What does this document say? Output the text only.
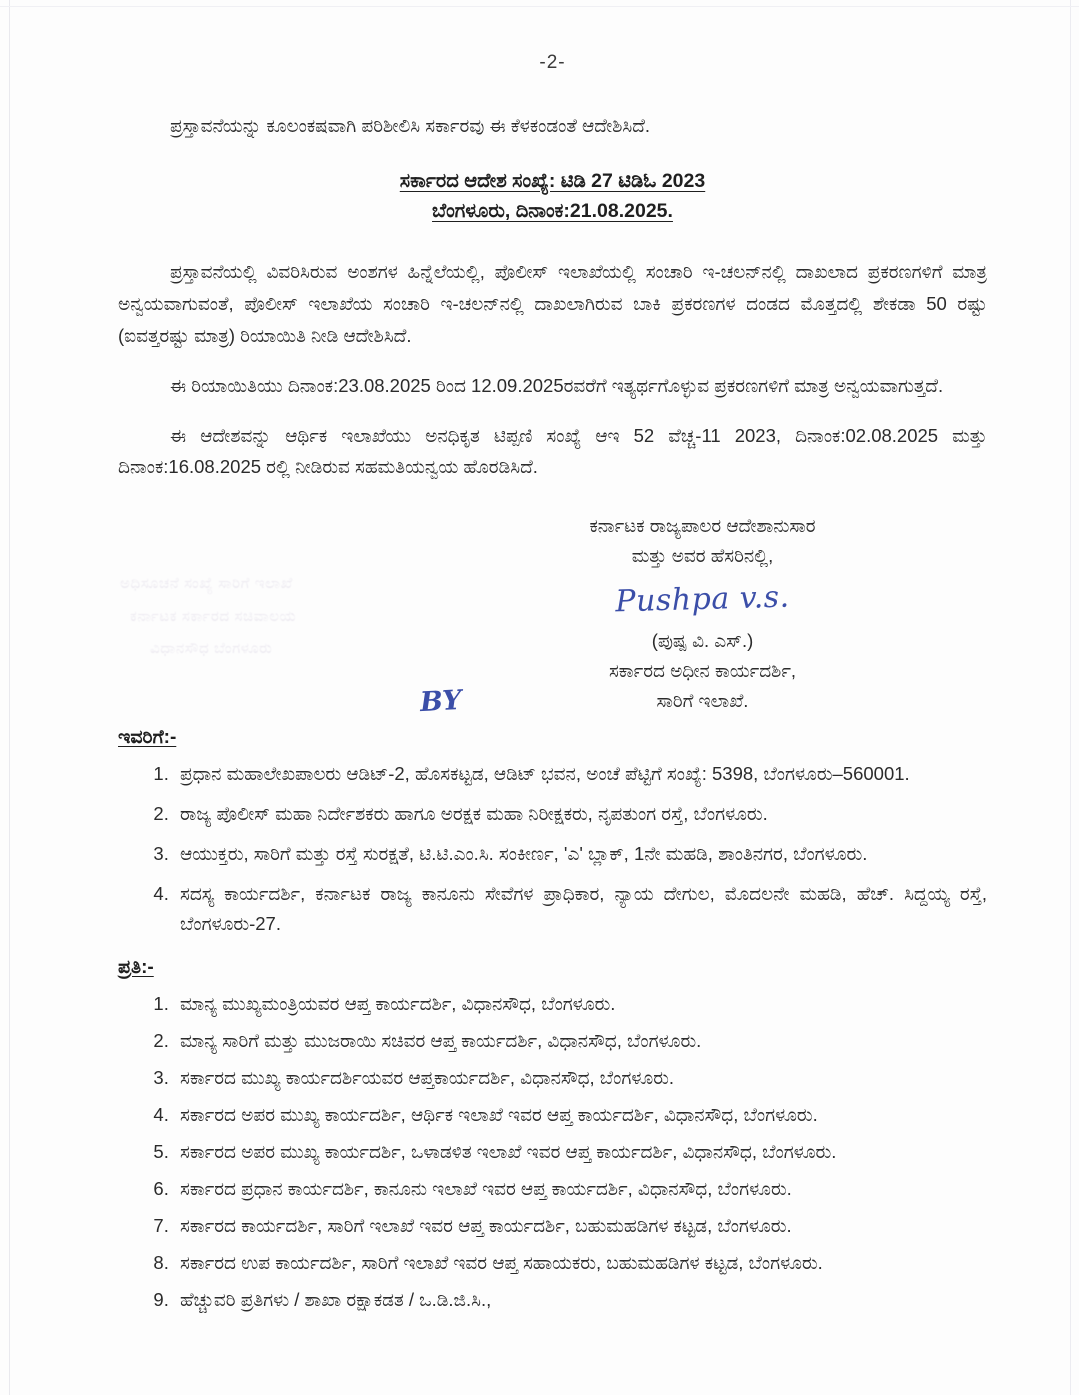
ಅಧಿಸೂಚನೆ ಸಂಖ್ಯೆ ಸಾರಿಗೆ ಇಲಾಖೆ
ಕರ್ನಾಟಕ ಸರ್ಕಾರದ ಸಚಿವಾಲಯ
ವಿಧಾನಸೌಧ ಬೆಂಗಳೂರು
-2-

ಪ್ರಸ್ತಾವನೆಯನ್ನು ಕೂಲಂಕಷವಾಗಿ ಪರಿಶೀಲಿಸಿ ಸರ್ಕಾರವು ಈ ಕೆಳಕಂಡಂತೆ ಆದೇಶಿಸಿದೆ.

ಸರ್ಕಾರದ ಆದೇಶ ಸಂಖ್ಯೆ: ಟಿಡಿ 27 ಟಿಡಿಓ 2023
ಬೆಂಗಳೂರು, ದಿನಾಂಕ:21.08.2025.

ಪ್ರಸ್ತಾವನೆಯಲ್ಲಿ ವಿವರಿಸಿರುವ ಅಂಶಗಳ ಹಿನ್ನೆಲೆಯಲ್ಲಿ, ಪೊಲೀಸ್ ಇಲಾಖೆಯಲ್ಲಿ ಸಂಚಾರಿ ಇ-ಚಲನ್‌ನಲ್ಲಿ ದಾಖಲಾದ ಪ್ರಕರಣಗಳಿಗೆ ಮಾತ್ರ ಅನ್ವಯವಾಗುವಂತೆ, ಪೊಲೀಸ್ ಇಲಾಖೆಯ ಸಂಚಾರಿ ಇ-ಚಲನ್‌ನಲ್ಲಿ ದಾಖಲಾಗಿರುವ ಬಾಕಿ ಪ್ರಕರಣಗಳ ದಂಡದ ಮೊತ್ತದಲ್ಲಿ ಶೇಕಡಾ 50 ರಷ್ಟು (ಐವತ್ತರಷ್ಟು ಮಾತ್ರ) ರಿಯಾಯಿತಿ ನೀಡಿ ಆದೇಶಿಸಿದೆ.

ಈ ರಿಯಾಯಿತಿಯು ದಿನಾಂಕ:23.08.2025 ರಿಂದ 12.09.2025ರವರೆಗೆ ಇತ್ಯರ್ಥಗೊಳ್ಳುವ ಪ್ರಕರಣಗಳಿಗೆ ಮಾತ್ರ ಅನ್ವಯವಾಗುತ್ತದೆ.

ಈ ಆದೇಶವನ್ನು ಆರ್ಥಿಕ ಇಲಾಖೆಯು ಅನಧಿಕೃತ ಟಿಪ್ಪಣಿ ಸಂಖ್ಯೆ ಆಇ 52 ವೆಚ್ಚ-11 2023, ದಿನಾಂಕ:02.08.2025 ಮತ್ತು ದಿನಾಂಕ:16.08.2025 ರಲ್ಲಿ ನೀಡಿರುವ ಸಹಮತಿಯನ್ವಯ ಹೊರಡಿಸಿದೆ.

ಕರ್ನಾಟಕ ರಾಜ್ಯಪಾಲರ ಆದೇಶಾನುಸಾರ
ಮತ್ತು ಅವರ ಹೆಸರಿನಲ್ಲಿ,
Pushpa v.s.
(ಪುಷ್ಪ ವಿ. ಎಸ್.)
ಸರ್ಕಾರದ ಅಧೀನ ಕಾರ್ಯದರ್ಶಿ,
BY	ಸಾರಿಗೆ ಇಲಾಖೆ.
ಇವರಿಗೆ:-
1. ಪ್ರಧಾನ ಮಹಾಲೇಖಪಾಲರು ಆಡಿಟ್-2, ಹೊಸಕಟ್ಟಡ, ಆಡಿಟ್ ಭವನ, ಅಂಚೆ ಪೆಟ್ಟಿಗೆ ಸಂಖ್ಯೆ: 5398, ಬೆಂಗಳೂರು–560001.
2. ರಾಜ್ಯ ಪೊಲೀಸ್ ಮಹಾ ನಿರ್ದೇಶಕರು ಹಾಗೂ ಅರಕ್ಷಕ ಮಹಾ ನಿರೀಕ್ಷಕರು, ನೃಪತುಂಗ ರಸ್ತೆ, ಬೆಂಗಳೂರು.
3. ಆಯುಕ್ತರು, ಸಾರಿಗೆ ಮತ್ತು ರಸ್ತೆ ಸುರಕ್ಷತೆ, ಟಿ.ಟಿ.ಎಂ.ಸಿ. ಸಂಕೀರ್ಣ, 'ಎ' ಬ್ಲಾಕ್, 1ನೇ ಮಹಡಿ, ಶಾಂತಿನಗರ, ಬೆಂಗಳೂರು.
4. ಸದಸ್ಯ ಕಾರ್ಯದರ್ಶಿ, ಕರ್ನಾಟಕ ರಾಜ್ಯ ಕಾನೂನು ಸೇವೆಗಳ ಪ್ರಾಧಿಕಾರ, ನ್ಯಾಯ ದೇಗುಲ, ಮೊದಲನೇ ಮಹಡಿ, ಹೆಚ್. ಸಿದ್ದಯ್ಯ ರಸ್ತೆ, ಬೆಂಗಳೂರು-27.
ಪ್ರತಿ:-
1. ಮಾನ್ಯ ಮುಖ್ಯಮಂತ್ರಿಯವರ ಆಪ್ತ ಕಾರ್ಯದರ್ಶಿ, ವಿಧಾನಸೌಧ, ಬೆಂಗಳೂರು.
2. ಮಾನ್ಯ ಸಾರಿಗೆ ಮತ್ತು ಮುಜರಾಯಿ ಸಚಿವರ ಆಪ್ತ ಕಾರ್ಯದರ್ಶಿ, ವಿಧಾನಸೌಧ, ಬೆಂಗಳೂರು.
3. ಸರ್ಕಾರದ ಮುಖ್ಯ ಕಾರ್ಯದರ್ಶಿಯವರ ಆಪ್ತಕಾರ್ಯದರ್ಶಿ, ವಿಧಾನಸೌಧ, ಬೆಂಗಳೂರು.
4. ಸರ್ಕಾರದ ಅಪರ ಮುಖ್ಯ ಕಾರ್ಯದರ್ಶಿ, ಆರ್ಥಿಕ ಇಲಾಖೆ ಇವರ ಆಪ್ತ ಕಾರ್ಯದರ್ಶಿ, ವಿಧಾನಸೌಧ, ಬೆಂಗಳೂರು.
5. ಸರ್ಕಾರದ ಅಪರ ಮುಖ್ಯ ಕಾರ್ಯದರ್ಶಿ, ಒಳಾಡಳಿತ ಇಲಾಖೆ ಇವರ ಆಪ್ತ ಕಾರ್ಯದರ್ಶಿ, ವಿಧಾನಸೌಧ, ಬೆಂಗಳೂರು.
6. ಸರ್ಕಾರದ ಪ್ರಧಾನ ಕಾರ್ಯದರ್ಶಿ, ಕಾನೂನು ಇಲಾಖೆ ಇವರ ಆಪ್ತ ಕಾರ್ಯದರ್ಶಿ, ವಿಧಾನಸೌಧ, ಬೆಂಗಳೂರು.
7. ಸರ್ಕಾರದ ಕಾರ್ಯದರ್ಶಿ, ಸಾರಿಗೆ ಇಲಾಖೆ ಇವರ ಆಪ್ತ ಕಾರ್ಯದರ್ಶಿ, ಬಹುಮಹಡಿಗಳ ಕಟ್ಟಡ, ಬೆಂಗಳೂರು.
8. ಸರ್ಕಾರದ ಉಪ ಕಾರ್ಯದರ್ಶಿ, ಸಾರಿಗೆ ಇಲಾಖೆ ಇವರ ಆಪ್ತ ಸಹಾಯಕರು, ಬಹುಮಹಡಿಗಳ ಕಟ್ಟಡ, ಬೆಂಗಳೂರು.
9. ಹೆಚ್ಚುವರಿ ಪ್ರತಿಗಳು / ಶಾಖಾ ರಕ್ಷಾಕಡತ / ಒ.ಡಿ.ಜಿ.ಸಿ.,
